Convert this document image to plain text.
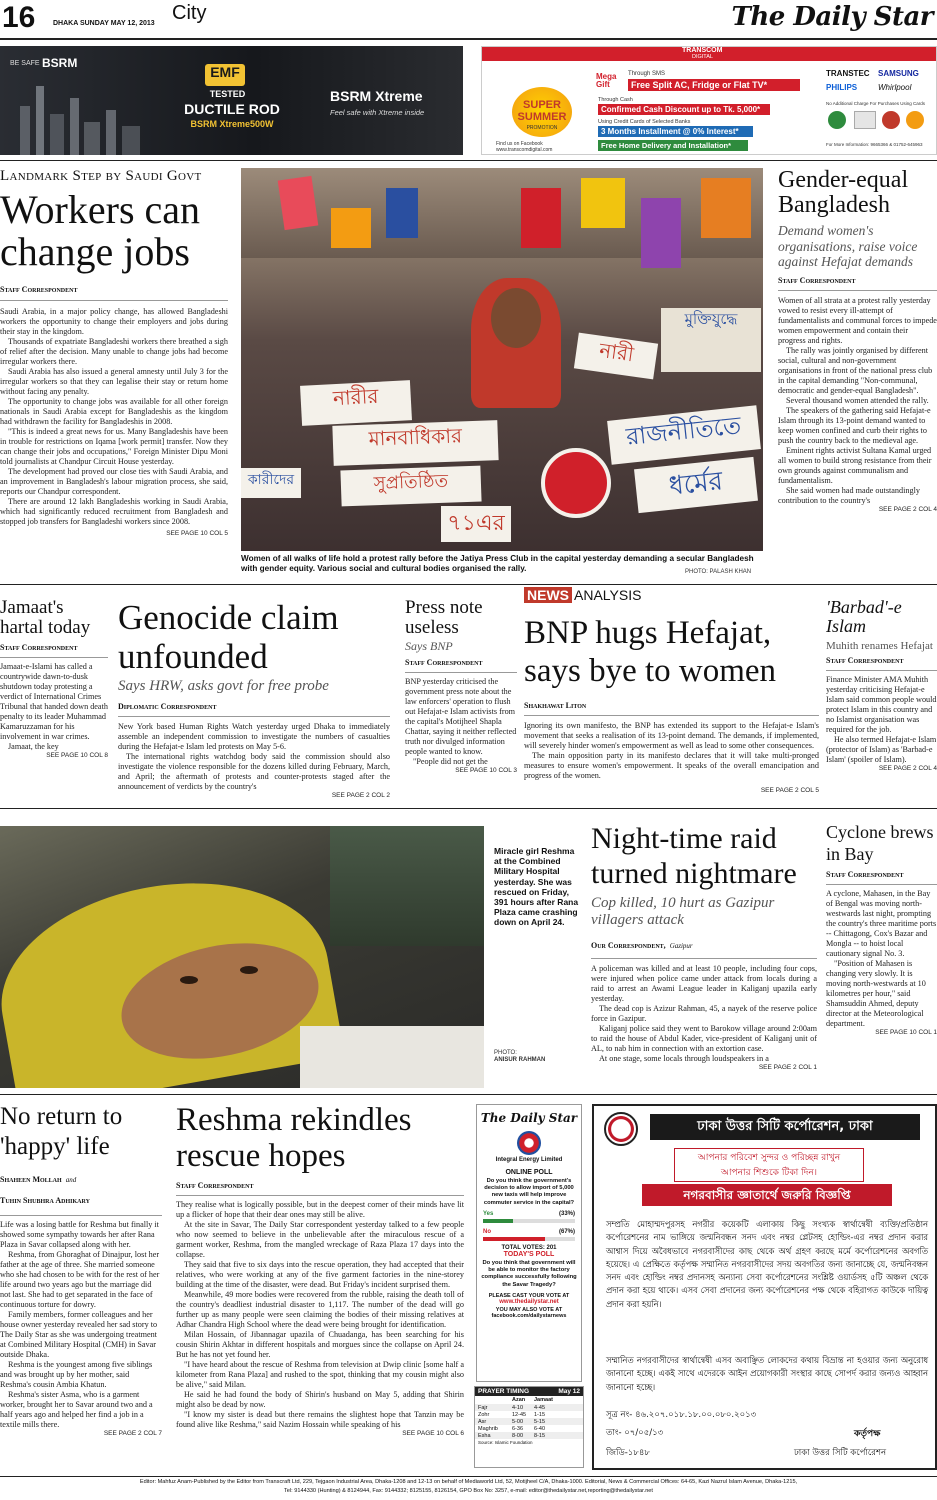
16	DHAKA SUNDAY MAY 12, 2013 City	The Daily Star
BE SAFE BSRM
EMF
TESTED
DUCTILE ROD
BSRM Xtreme500W
BSRM Xtreme
Feel safe with Xtreme inside
TRANSCOM
DIGITAL
SUPER
SUMMER
PROMOTION
Find us on Facebook
www.transcomdigital.com
Mega Gift
Through SMS
Free Split AC, Fridge or Flat TV*
Through Cash
Confirmed Cash Discount up to Tk. 5,000*
Using Credit Cards of Selected Banks
3 Months Installment @ 0% Interest*
Free Home Delivery and Installation*
TRANSTEC SAMSUNG
PHILIPS	Whirlpool
No Additional Charge For Purchases Using Cards
For More Information: 9665366 & 01752-645963
Landmark Step by Saudi Govt
Workers can change jobs
Staff Correspondent

Saudi Arabia, in a major policy change, has allowed Bangladeshi workers the opportunity to change their employers and jobs during their stay in the kingdom.

Thousands of expatriate Bangladeshi workers there breathed a sigh of relief after the decision. Many unable to change jobs had become irregular workers there.

Saudi Arabia has also issued a general amnesty until July 3 for the irregular workers so that they can legalise their stay or return home without facing any penalty.

The opportunity to change jobs was available for all other foreign nationals in Saudi Arabia except for Bangladeshis as the kingdom had withdrawn the facility for Bangladeshis in 2008.

"This is indeed a great news for us. Many Bangladeshis have been in trouble for restrictions on Iqama [work permit] transfer. Now they can change their jobs and occupations," Foreign Minister Dipu Moni told journalists at Chandpur Circuit House yesterday.

The development had proved our close ties with Saudi Arabia, and an improvement in Bangladesh's labour migration process, she said, reports our Chandpur correspondent.

There are around 12 lakh Bangladeshis working in Saudi Arabia, which had significantly reduced recruitment from Bangladesh and stopped job transfers for Bangladeshi workers since 2008.

SEE PAGE 10 COL 5
নারীর
মানবাধিকার
সুপ্রতিষ্ঠিত
নারী
মুক্তিযুদ্ধে
রাজনীতিতে
ধর্মের
৭১এর
কারীদের
Women of all walks of life hold a protest rally before the Jatiya Press Club in the capital yesterday demanding a secular Bangladesh with gender equity. Various social and cultural bodies organised the rally.	PHOTO: PALASH KHAN
Gender-equal Bangladesh
Demand women's organisations, raise voice against Hefajat demands
Staff Correspondent

Women of all strata at a protest rally yesterday vowed to resist every ill-attempt of fundamentalists and communal forces to impede women empowerment and contain their progress and rights.

The rally was jointly organised by different social, cultural and non-government organisations in front of the national press club in the capital demanding "Non-communal, democratic and gender-equal Bangladesh".

Several thousand women attended the rally.

The speakers of the gathering said Hefajat-e Islam through its 13-point demand wanted to keep women confined and curb their rights to push the country back to the medieval age.

Eminent rights activist Sultana Kamal urged all women to build strong resistance from their own grounds against communalism and fundamentalism.

She said women had made outstandingly contribution to the country's

SEE PAGE 2 COL 4
Jamaat's hartal today
Staff Correspondent

Jamaat-e-Islami has called a countrywide dawn-to-dusk shutdown today protesting a verdict of International Crimes Tribunal that handed down death penalty to its leader Muhammad Kamaruzzaman for his involvement in war crimes.

Jamaat, the key

SEE PAGE 10 COL 8
Genocide claim unfounded
Says HRW, asks govt for free probe
Diplomatic Correspondent

New York based Human Rights Watch yesterday urged Dhaka to immediately assemble an independent commission to investigate the numbers of casualties during the Hefajat-e Islam led protests on May 5-6.

The international rights watchdog body said the commission should also investigate the violence responsible for the dozens killed during February, March, and April; the aftermath of protests and counter-protests staged after the announcement of verdicts by the country's

SEE PAGE 2 COL 2
Press note useless
Says BNP
Staff Correspondent

BNP yesterday criticised the government press note about the law enforcers' operation to flush out Hefajat-e Islam activists from the capital's Motijheel Shapla Chattar, saying it neither reflected truth nor divulged information people wanted to know.

"People did not get the

SEE PAGE 10 COL 3
NEWS ANALYSIS
BNP hugs Hefajat, says bye to women
Shakhawat Liton

Ignoring its own manifesto, the BNP has extended its support to the Hefajat-e Islam's movement that seeks a realisation of its 13-point demand. The demands, if implemented, will severely hinder women's empowerment as well as lead to some other consequences.

The main opposition party in its manifesto declares that it will take multi-pronged measures to ensure women's empowerment. It speaks of the overall emancipation and progress of the women.

SEE PAGE 2 COL 5
'Barbad'-e Islam
Muhith renames Hefajat
Staff Correspondent

Finance Minister AMA Muhith yesterday criticising Hefajat-e Islam said common people would protect Islam in this country and no Islamist organisation was required for the job.

He also termed Hefajat-e Islam (protector of Islam) as 'Barbad-e Islam' (spoiler of Islam).

SEE PAGE 2 COL 4
Miracle girl Reshma at the Combined Military Hospital yesterday. She was rescued on Friday, 391 hours after Rana Plaza came crashing down on April 24.
PHOTO:
ANISUR RAHMAN
Night-time raid turned nightmare
Cop killed, 10 hurt as Gazipur villagers attack
Our Correspondent, Gazipur

A policeman was killed and at least 10 people, including four cops, were injured when police came under attack from locals during a raid to arrest an Awami League leader in Kaliganj upazila early yesterday.

The dead cop is Azizur Rahman, 45, a nayek of the reserve police force in Gazipur.

Kaliganj police said they went to Barokow village around 2:00am to raid the house of Abdul Kader, vice-president of Kaliganj unit of AL, to nab him in connection with an extortion case.

At one stage, some locals through loudspeakers in a

SEE PAGE 2 COL 1
Cyclone brews in Bay
Staff Correspondent

A cyclone, Mahasen, in the Bay of Bengal was moving north-westwards last night, prompting the country's three maritime ports -- Chittagong, Cox's Bazar and Mongla -- to hoist local cautionary signal No. 3.

"Position of Mahasen is changing very slowly. It is moving north-westwards at 10 kilometres per hour," said Shamsuddin Ahmed, deputy director at the Meteorological department.

SEE PAGE 10 COL 1
No return to 'happy' life
Shaheen Mollah and
Tuhin Shubhra Adhikary

Life was a losing battle for Reshma but finally it showed some sympathy towards her after Rana Plaza in Savar collapsed along with her.

Reshma, from Ghoraghat of Dinajpur, lost her father at the age of three. She married someone who she had chosen to be with for the rest of her life around two years ago but the marriage did not last. She had to get separated in the face of continuous torture for dowry.

Family members, former colleagues and her house owner yesterday revealed her sad story to The Daily Star as she was undergoing treatment at Combined Military Hospital (CMH) in Savar outside Dhaka.

Reshma is the youngest among five siblings and was brought up by her mother, said Reshma's cousin Ambia Khatun.

Reshma's sister Asma, who is a garment worker, brought her to Savar around two and a half years ago and helped her find a job in a textile mills there.

SEE PAGE 2 COL 7
Reshma rekindles rescue hopes
Staff Correspondent

They realise what is logically possible, but in the deepest corner of their minds have lit up a flicker of hope that their dear ones may still be alive.

At the site in Savar, The Daily Star correspondent yesterday talked to a few people who now seemed to believe in the unbelievable after the miraculous rescue of a garment worker, Reshma, from the mangled wreckage of Raza Plaza 17 days into the collapse.

They said that five to six days into the rescue operation, they had accepted that their relatives, who were working at any of the five garment factories in the nine-storey building at the time of the disaster, were dead. But Friday's incident surprised them.

Meanwhile, 49 more bodies were recovered from the rubble, raising the death toll of the country's deadliest industrial disaster to 1,117. The number of the dead will go further up as many people were seen claiming the bodies of their missing relatives at Adhar Chandra High School where the dead were being brought for identification.

Milan Hossain, of Jibannagar upazila of Chuadanga, has been searching for his cousin Shirin Akhtar in different hospitals and morgues since the collapse on April 24. But he has not yet found her.

"I have heard about the rescue of Reshma from television at Dwip clinic [some half a kilometer from Rana Plaza] and rushed to the spot, thinking that my cousin might also be alive," said Milan.

He said he had found the body of Shirin's husband on May 5, adding that Shirin might also be dead by now.

"I know my sister is dead but there remains the slightest hope that Tanzin may be found alive like Reshma," said Nazim Hossain while speaking of his

SEE PAGE 10 COL 6
The Daily Star
Integral Energy Limited
ONLINE POLL
Do you think the government's decision to allow import of 5,000 new taxis will help improve commuter service in the capital?
Yes	(33%)
No	(67%)
TOTAL VOTES: 201
TODAY'S POLL
Do you think that government will be able to monitor the factory compliance successfully following the Savar Tragedy?
PLEASE CAST YOUR VOTE AT
www.thedailystar.net
YOU MAY ALSO VOTE AT
facebook.com/dailystarnews
PRAYER TIMING	May 12
Azan	Jamaat
Fajr	4-10	4-45
Zohr	12-45	1-15
Asr	5-00	5-15
Maghrib	6-36	6-40
Esha	8-00	8-15
Source: Islamic Foundation
ঢাকা উত্তর সিটি কর্পোরেশন, ঢাকা
আপনার পরিবেশ সুন্দর ও পরিচ্ছন্ন রাখুন
আপনার শিশুকে টিকা দিন।
নগরবাসীর জ্ঞাতার্থে জরুরি বিজ্ঞপ্তি
সম্প্রতি মোহাম্মদপুরসহ নগরীর কয়েকটি এলাকায় কিছু সংখ্যক স্বার্থান্বেষী ব্যক্তি/প্রতিষ্ঠান কর্পোরেশনের নাম ভাঙ্গিয়ে জন্মনিবন্ধন সনদ এবং নম্বর প্লেটসহ হোল্ডিং-এর নম্বর প্রদান করার আশ্বাস দিয়ে অবৈধভাবে নগরবাসীদের কাছ থেকে অর্থ গ্রহণ করছে মর্মে কর্পোরেশনের অবগতি হয়েছে। এ প্রেক্ষিতে কর্তৃপক্ষ সম্মানিত নগরবাসীদের সদয় অবগতির জন্য জানাচ্ছে যে, জন্মনিবন্ধন সনদ এবং হোল্ডিং নম্বর প্রদানসহ অন্যান্য সেবা কর্পোরেশনের সংশ্লিষ্ট ওয়ার্ডসহ ৫টি অঞ্চল থেকে প্রদান করা হয়ে থাকে। এসব সেবা প্রদানের জন্য কর্পোরেশনের পক্ষ থেকে বহিরাগত কাউকে দায়িত্ব প্রদান করা হয়নি।
সম্মানিত নগরবাসীদের স্বার্থান্বেষী এসব অবাঞ্ছিত লোকদের কথায় বিভ্রান্ত না হওয়ার জন্য অনুরোধ জানানো হচ্ছে। একই সাথে এদেরকে আইন প্রয়োগকারী সংস্থার কাছে সোপর্দ করার জন্যও আহ্বান জানানো হচ্ছে।
সূত্র নং- ৪৬.২০৭.০১৮.১৮.০০.০৮০.২০১৩
তাং- ০৭/০৫/১৩
জিডি-১৮৪৮
কর্তৃপক্ষ
ঢাকা উত্তর সিটি কর্পোরেশন
Editor: Mahfuz Anam-Published by the Editor from Transcraft Ltd, 229, Tejgaon Industrial Area, Dhaka-1208 and 12-13 on behalf of Mediaworld Ltd, 52, Motijheel C/A, Dhaka-1000. Editorial, News & Commercial Offices: 64-65, Kazi Nazrul Islam Avenue, Dhaka-1215,
Tel: 9144330 (Hunting) & 8124944, Fax: 9144332; 8125155, 8126154, GPO Box No: 3257, e-mail: editor@thedailystar.net,reporting@thedailystar.net
